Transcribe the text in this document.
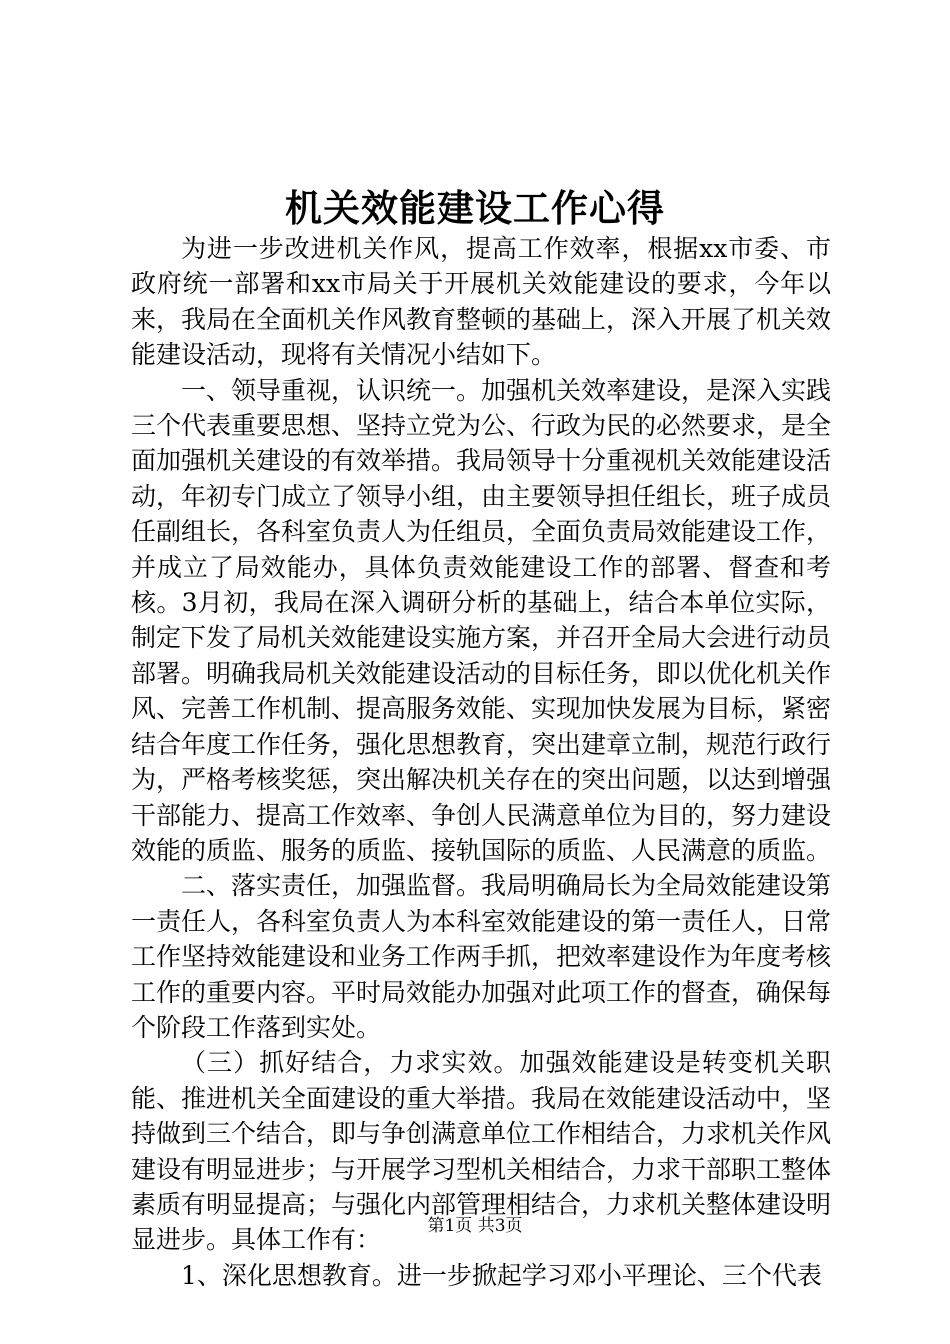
机关效能建设工作心得

为进一步改进机关作风，提高工作效率，根据xx市委、市政府统一部署和xx市局关于开展机关效能建设的要求，今年以来，我局在全面机关作风教育整顿的基础上，深入开展了机关效能建设活动，现将有关情况小结如下。

一、领导重视，认识统一。加强机关效率建设，是深入实践三个代表重要思想、坚持立党为公、行政为民的必然要求，是全面加强机关建设的有效举措。我局领导十分重视机关效能建设活动，年初专门成立了领导小组，由主要领导担任组长，班子成员任副组长，各科室负责人为任组员，全面负责局效能建设工作，并成立了局效能办，具体负责效能建设工作的部署、督查和考核。3月初，我局在深入调研分析的基础上，结合本单位实际，制定下发了局机关效能建设实施方案，并召开全局大会进行动员部署。明确我局机关效能建设活动的目标任务，即以优化机关作风、完善工作机制、提高服务效能、实现加快发展为目标，紧密结合年度工作任务，强化思想教育，突出建章立制，规范行政行为，严格考核奖惩，突出解决机关存在的突出问题，以达到增强干部能力、提高工作效率、争创人民满意单位为目的，努力建设效能的质监、服务的质监、接轨国际的质监、人民满意的质监。

二、落实责任，加强监督。我局明确局长为全局效能建设第一责任人，各科室负责人为本科室效能建设的第一责任人，日常工作坚持效能建设和业务工作两手抓，把效率建设作为年度考核工作的重要内容。平时局效能办加强对此项工作的督查，确保每个阶段工作落到实处。

（三）抓好结合，力求实效。加强效能建设是转变机关职能、推进机关全面建设的重大举措。我局在效能建设活动中，坚持做到三个结合，即与争创满意单位工作相结合，力求机关作风建设有明显进步；与开展学习型机关相结合，力求干部职工整体素质有明显提高；与强化内部管理相结合，力求机关整体建设明显进步。具体工作有：

1、深化思想教育。进一步掀起学习邓小平理论、三个代表

第1页 共3页
